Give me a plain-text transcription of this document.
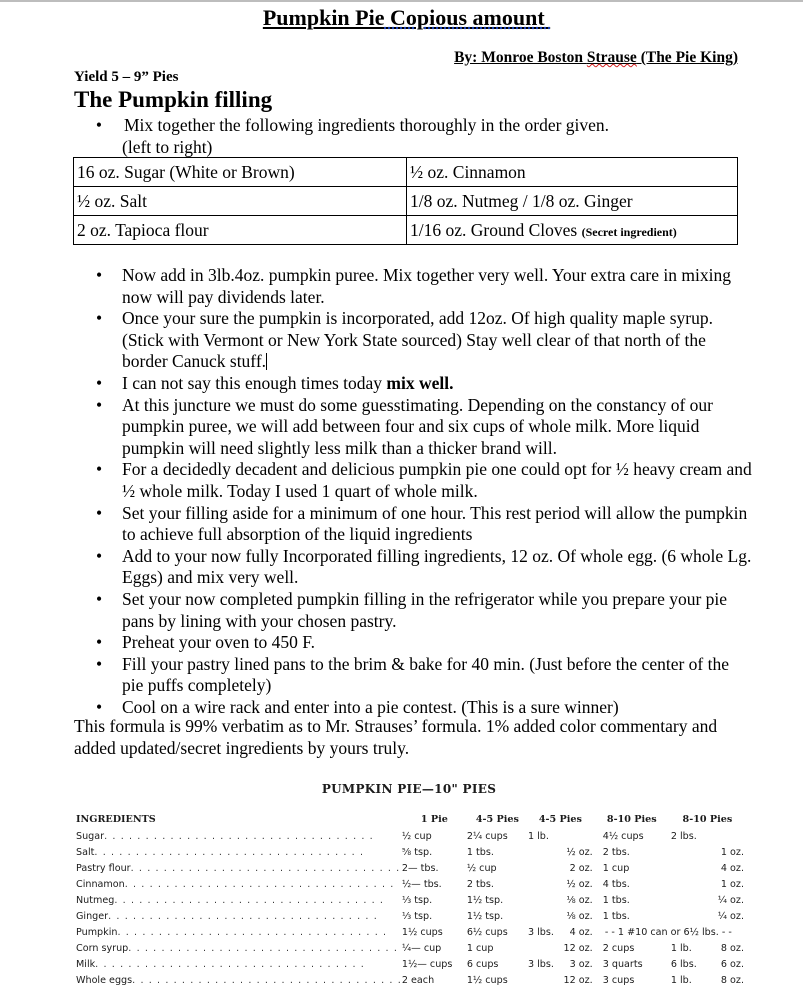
Pumpkin Pie Copious amount
By: Monroe Boston Strause (The Pie King)
Yield 5 – 9” Pies
The Pumpkin filling
• Mix together the following ingredients thoroughly in the order given.
(left to right)
16 oz. Sugar (White or Brown)	½ oz. Cinnamon
½ oz. Salt	1/8 oz. Nutmeg / 1/8 oz. Ginger
2 oz. Tapioca flour	1/16 oz. Ground Cloves (Secret ingredient)
• Now add in 3lb.4oz. pumpkin puree. Mix together very well. Your extra care in mixing now will pay dividends later.
• Once your sure the pumpkin is incorporated, add 12oz. Of high quality maple syrup. (Stick with Vermont or New York State sourced) Stay well clear of that north of the border Canuck stuff.
• I can not say this enough times today mix well.
• At this juncture we must do some guesstimating. Depending on the constancy of our pumpkin puree, we will add between four and six cups of whole milk. More liquid pumpkin will need slightly less milk than a thicker brand will.
• For a decidedly decadent and delicious pumpkin pie one could opt for ½ heavy cream and ½ whole milk. Today I used 1 quart of whole milk.
• Set your filling aside for a minimum of one hour. This rest period will allow the pumpkin to achieve full absorption of the liquid ingredients
• Add to your now fully Incorporated filling ingredients, 12 oz. Of whole egg. (6 whole Lg. Eggs) and mix very well.
• Set your now completed pumpkin filling in the refrigerator while you prepare your pie pans by lining with your chosen pastry.
• Preheat your oven to 450 F.
• Fill your pastry lined pans to the brim & bake for 40 min. (Just before the center of the pie puffs completely)
• Cool on a wire rack and enter into a pie contest. (This is a sure winner)
This formula is 99% verbatim as to Mr. Strauses’ formula. 1% added color commentary and added updated/secret ingredients by yours truly.
PUMPKIN PIE—10" PIES
INGREDIENTS	1 Pie	4-5 Pies	4-5 Pies		8-10 Pies	8-10 Pies	
Sugar. . . . . . . . . . . . . . . . . . . . . . . . . . . . . . . . .	½ cup	2¼ cups	1 lb.		4½ cups	2 lbs.	
Salt. . . . . . . . . . . . . . . . . . . . . . . . . . . . . . . . .	⅝ tsp.	1 tbs.		½ oz.	2 tbs.		1 oz.
Pastry flour. . . . . . . . . . . . . . . . . . . . . . . . . . . . . . . . .	2— tbs.	½ cup		2 oz.	1 cup		4 oz.
Cinnamon. . . . . . . . . . . . . . . . . . . . . . . . . . . . . . . . .	½— tbs.	2 tbs.		½ oz.	4 tbs.		1 oz.
Nutmeg. . . . . . . . . . . . . . . . . . . . . . . . . . . . . . . . .	⅓ tsp.	1½ tsp.		⅛ oz.	1 tbs.		¼ oz.
Ginger. . . . . . . . . . . . . . . . . . . . . . . . . . . . . . . . .	⅓ tsp.	1½ tsp.		⅛ oz.	1 tbs.		¼ oz.
Pumpkin. . . . . . . . . . . . . . . . . . . . . . . . . . . . . . . . .	1½ cups	6½ cups	3 lbs.	4 oz.	- - 1 #10 can or 6½ lbs. - -		
Corn syrup. . . . . . . . . . . . . . . . . . . . . . . . . . . . . . . . .	¼— cup	1 cup		12 oz.	2 cups	1 lb.	8 oz.
Milk. . . . . . . . . . . . . . . . . . . . . . . . . . . . . . . . .	1½— cups	6 cups	3 lbs.	3 oz.	3 quarts	6 lbs.	6 oz.
Whole eggs. . . . . . . . . . . . . . . . . . . . . . . . . . . . . . . . .	2 each	1½ cups		12 oz.	3 cups	1 lb.	8 oz.
